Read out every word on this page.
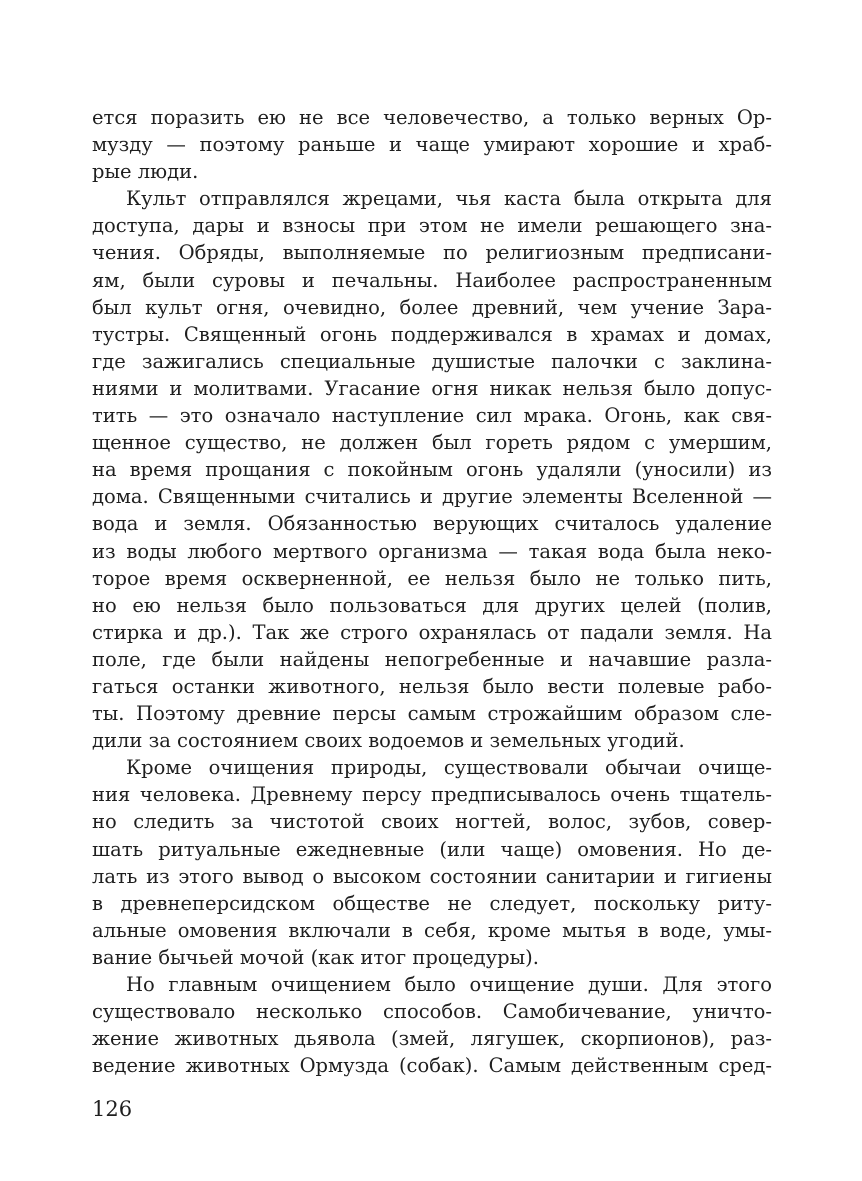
ется поразить ею не все человечество, а только верных Ор-
музду — поэтому раньше и чаще умирают хорошие и храб-
рые люди.
Культ отправлялся жрецами, чья каста была открыта для
доступа, дары и взносы при этом не имели решающего зна-
чения. Обряды, выполняемые по религиозным предписани-
ям, были суровы и печальны. Наиболее распространенным
был культ огня, очевидно, более древний, чем учение Зара-
тустры. Священный огонь поддерживался в храмах и домах,
где зажигались специальные душистые палочки с заклина-
ниями и молитвами. Угасание огня никак нельзя было допус-
тить — это означало наступление сил мрака. Огонь, как свя-
щенное существо, не должен был гореть рядом с умершим,
на время прощания с покойным огонь удаляли (уносили) из
дома. Священными считались и другие элементы Вселенной —
вода и земля. Обязанностью верующих считалось удаление
из воды любого мертвого организма — такая вода была неко-
торое время оскверненной, ее нельзя было не только пить,
но ею нельзя было пользоваться для других целей (полив,
стирка и др.). Так же строго охранялась от падали земля. На
поле, где были найдены непогребенные и начавшие разла-
гаться останки животного, нельзя было вести полевые рабо-
ты. Поэтому древние персы самым строжайшим образом сле-
дили за состоянием своих водоемов и земельных угодий.
Кроме очищения природы, существовали обычаи очище-
ния человека. Древнему персу предписывалось очень тщатель-
но следить за чистотой своих ногтей, волос, зубов, совер-
шать ритуальные ежедневные (или чаще) омовения. Но де-
лать из этого вывод о высоком состоянии санитарии и гигиены
в древнеперсидском обществе не следует, поскольку риту-
альные омовения включали в себя, кроме мытья в воде, умы-
вание бычьей мочой (как итог процедуры).
Но главным очищением было очищение души. Для этого
существовало несколько способов. Самобичевание, уничто-
жение животных дьявола (змей, лягушек, скорпионов), раз-
ведение животных Ормузда (собак). Самым действенным сред-
126
